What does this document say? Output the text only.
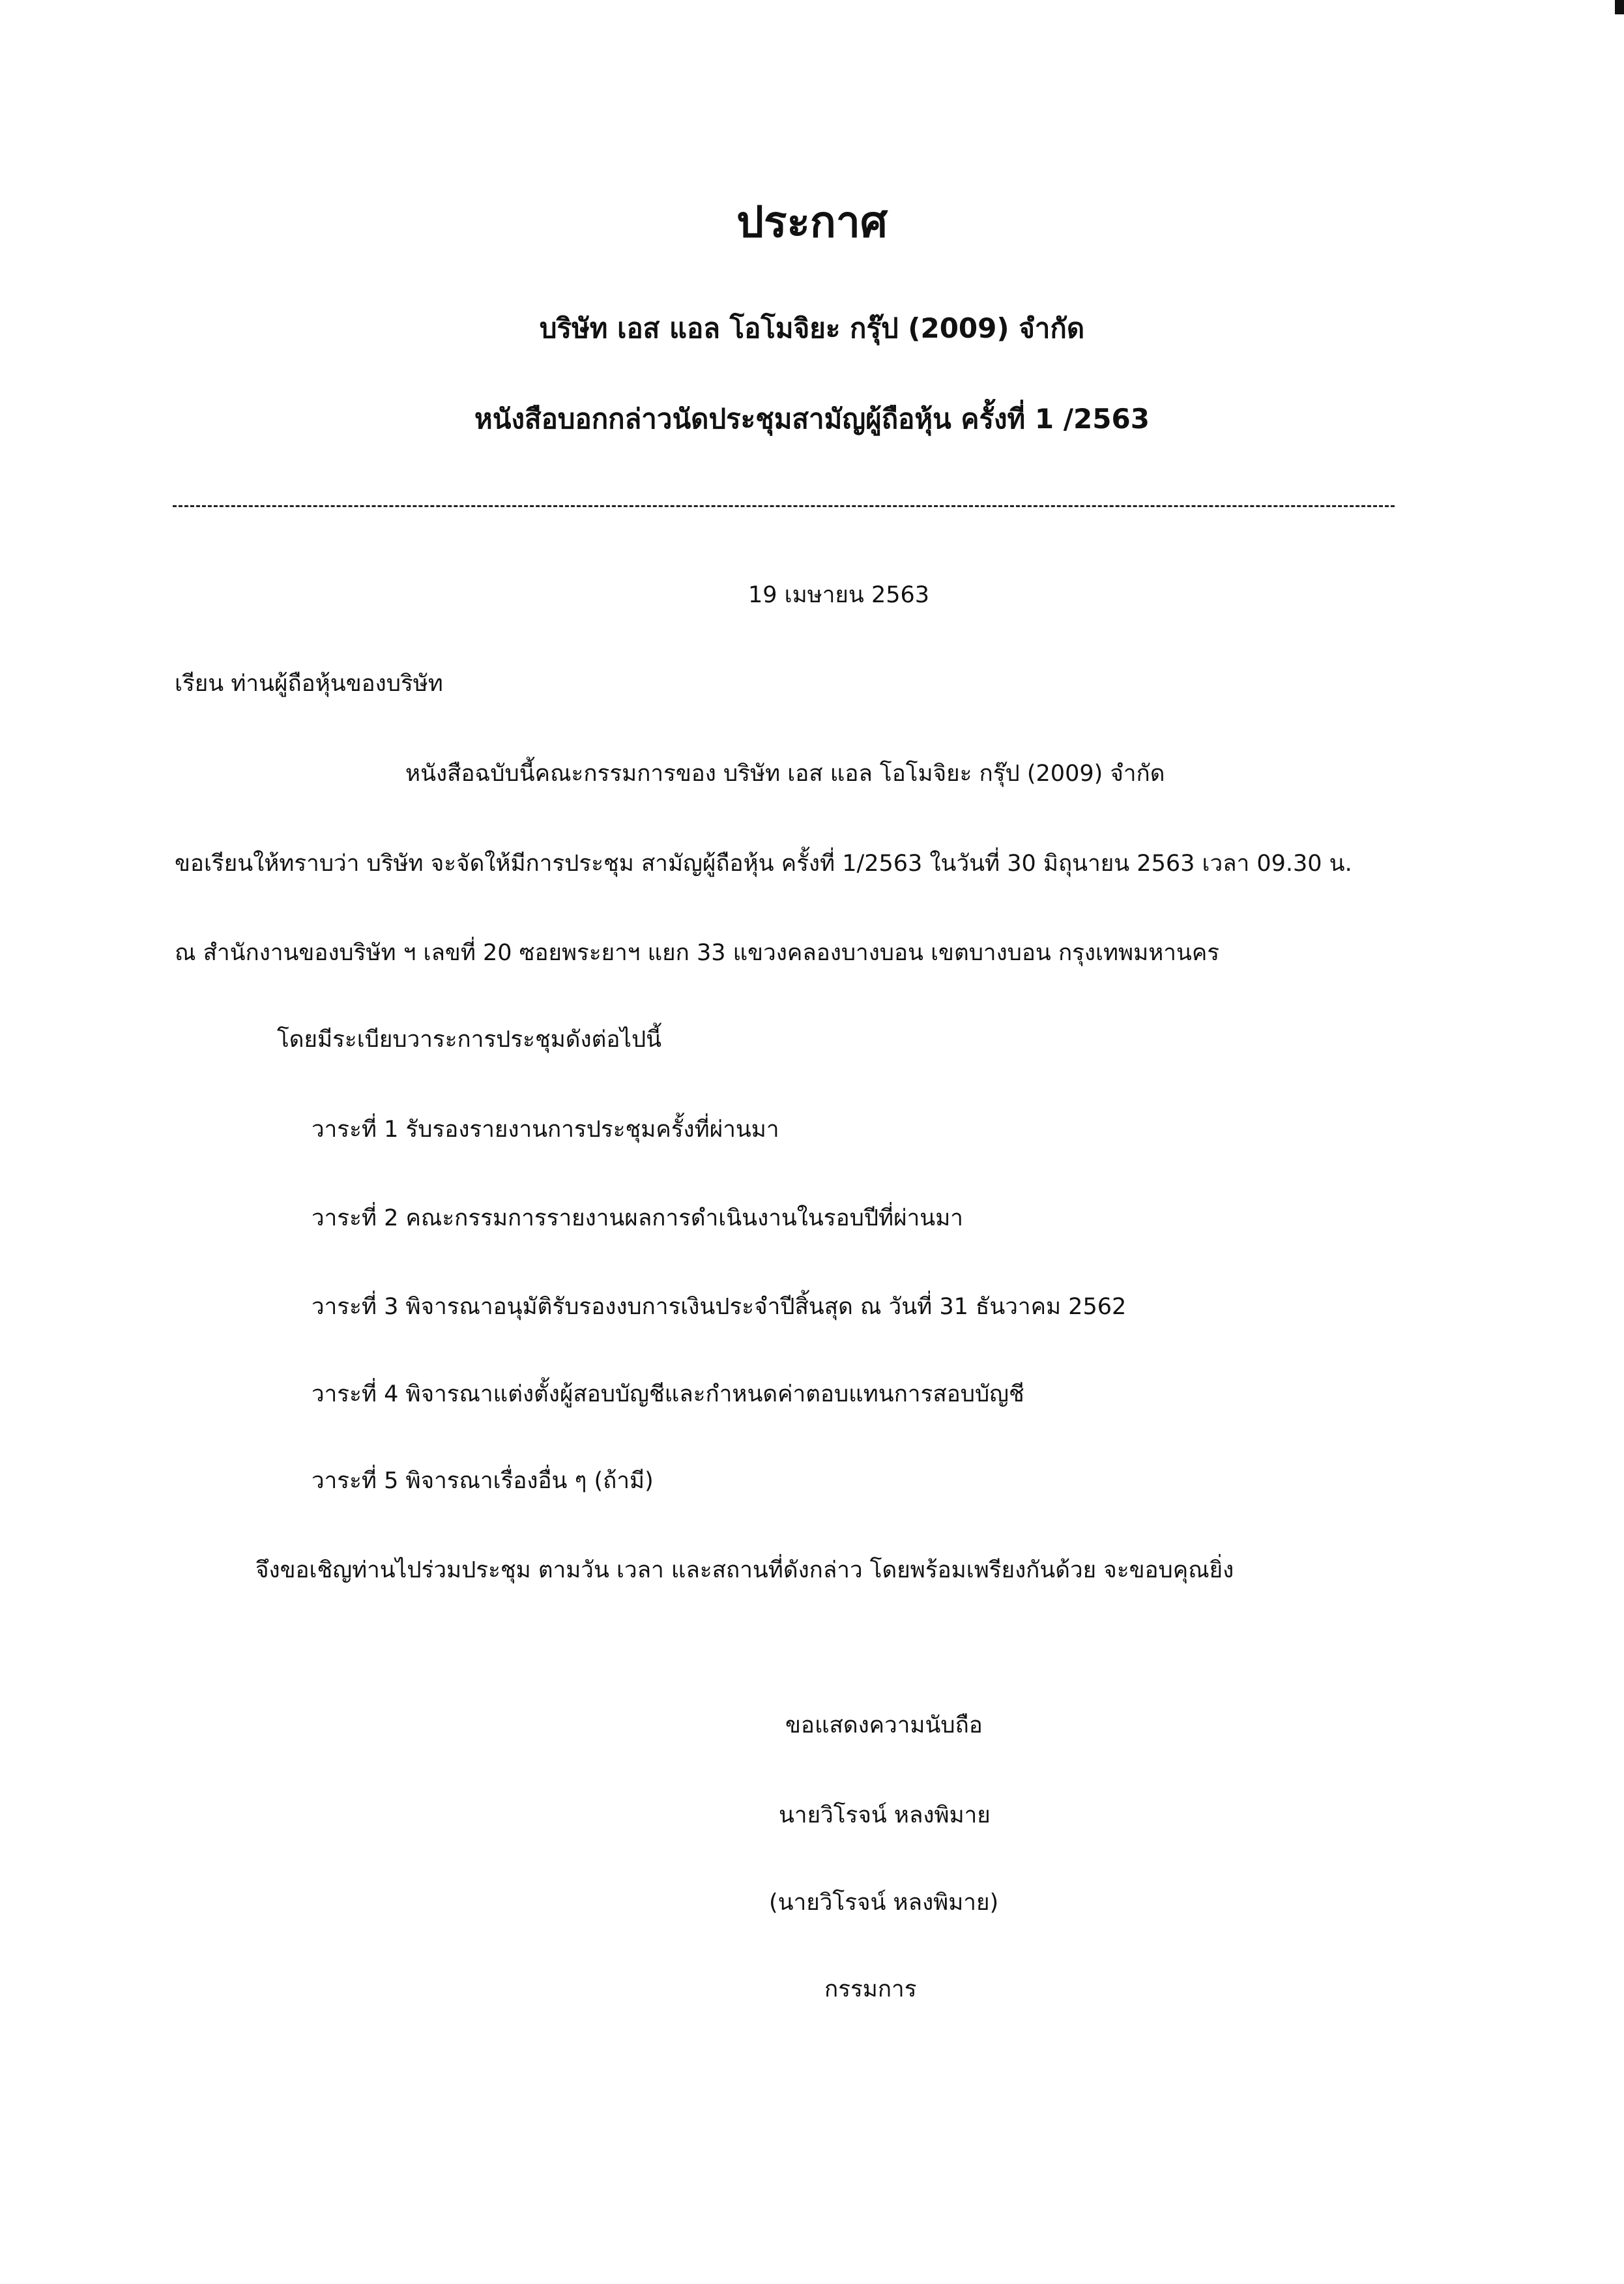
ประกาศ
บริษัท เอส แอล โอโมจิยะ กรุ๊ป (2009) จำกัด
หนังสือบอกกล่าวนัดประชุมสามัญผู้ถือหุ้น ครั้งที่ 1 /2563
19 เมษายน 2563
เรียน ท่านผู้ถือหุ้นของบริษัท
หนังสือฉบับนี้คณะกรรมการของ บริษัท เอส แอล โอโมจิยะ กรุ๊ป (2009) จำกัด
ขอเรียนให้ทราบว่า บริษัท จะจัดให้มีการประชุม สามัญผู้ถือหุ้น ครั้งที่ 1/2563 ในวันที่ 30 มิถุนายน 2563 เวลา 09.30 น.
ณ สำนักงานของบริษัท ฯ เลขที่ 20 ซอยพระยาฯ แยก 33 แขวงคลองบางบอน เขตบางบอน กรุงเทพมหานคร
โดยมีระเบียบวาระการประชุมดังต่อไปนี้
วาระที่ 1 รับรองรายงานการประชุมครั้งที่ผ่านมา
วาระที่ 2 คณะกรรมการรายงานผลการดำเนินงานในรอบปีที่ผ่านมา
วาระที่ 3 พิจารณาอนุมัติรับรองงบการเงินประจำปีสิ้นสุด ณ วันที่ 31 ธันวาคม 2562
วาระที่ 4 พิจารณาแต่งตั้งผู้สอบบัญชีและกำหนดค่าตอบแทนการสอบบัญชี
วาระที่ 5 พิจารณาเรื่องอื่น ๆ (ถ้ามี)
จึงขอเชิญท่านไปร่วมประชุม ตามวัน เวลา และสถานที่ดังกล่าว โดยพร้อมเพรียงกันด้วย จะขอบคุณยิ่ง
ขอแสดงความนับถือ
นายวิโรจน์ หลงพิมาย
(นายวิโรจน์ หลงพิมาย)
กรรมการ
